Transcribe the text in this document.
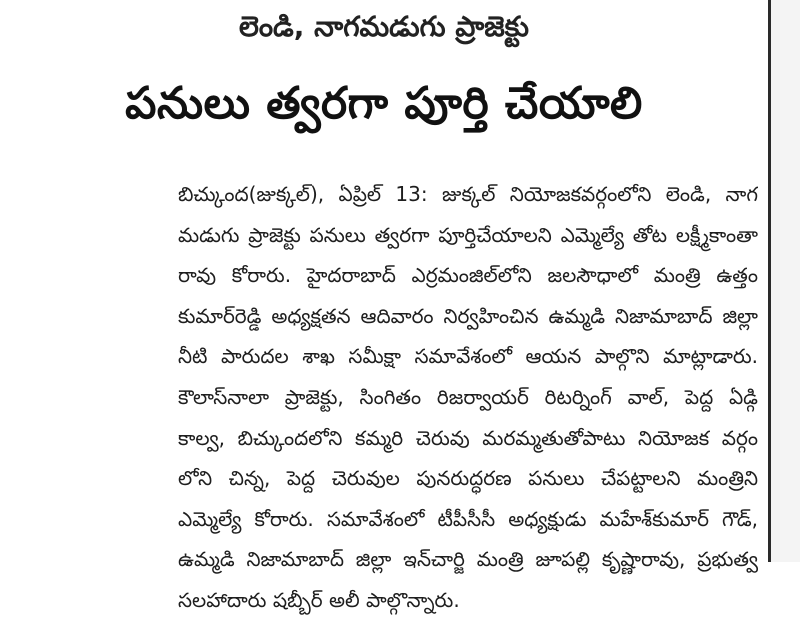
లెండి, నాగమడుగు ప్రాజెక్టు
పనులు త్వరగా పూర్తి చేయాలి
బిచ్కుంద(జుక్కల్), ఏప్రిల్ 13: జుక్కల్ నియోజకవర్గంలోని లెండి, నాగ
మడుగు ప్రాజెక్టు పనులు త్వరగా పూర్తిచేయాలని ఎమ్మెల్యే తోట లక్ష్మీకాంతా
రావు కోరారు. హైదరాబాద్ ఎర్రమంజిల్‌లోని జలసౌధాలో మంత్రి ఉత్తం
కుమార్‌రెడ్డి అధ్యక్షతన ఆదివారం నిర్వహించిన ఉమ్మడి నిజామాబాద్ జిల్లా
నీటి పారుదల శాఖ సమీక్షా సమావేశంలో ఆయన పాల్గొని మాట్లాడారు.
కౌలాస్‌నాలా ప్రాజెక్టు, సింగితం రిజర్వాయర్ రిటర్నింగ్ వాల్, పెద్ద ఏడ్గి
కాల్వ, బిచ్కుందలోని కమ్మరి చెరువు మరమ్మతుతోపాటు నియోజక వర్గం
లోని చిన్న, పెద్ద చెరువుల పునరుద్ధరణ పనులు చేపట్టాలని మంత్రిని
ఎమ్మెల్యే కోరారు. సమావేశంలో టీపీసీసీ అధ్యక్షుడు మహేశ్‌కుమార్ గౌడ్,
ఉమ్మడి నిజామాబాద్ జిల్లా ఇన్‌చార్జి మంత్రి జూపల్లి కృష్ణారావు, ప్రభుత్వ
సలహాదారు షబ్బీర్ అలీ పాల్గొన్నారు.
